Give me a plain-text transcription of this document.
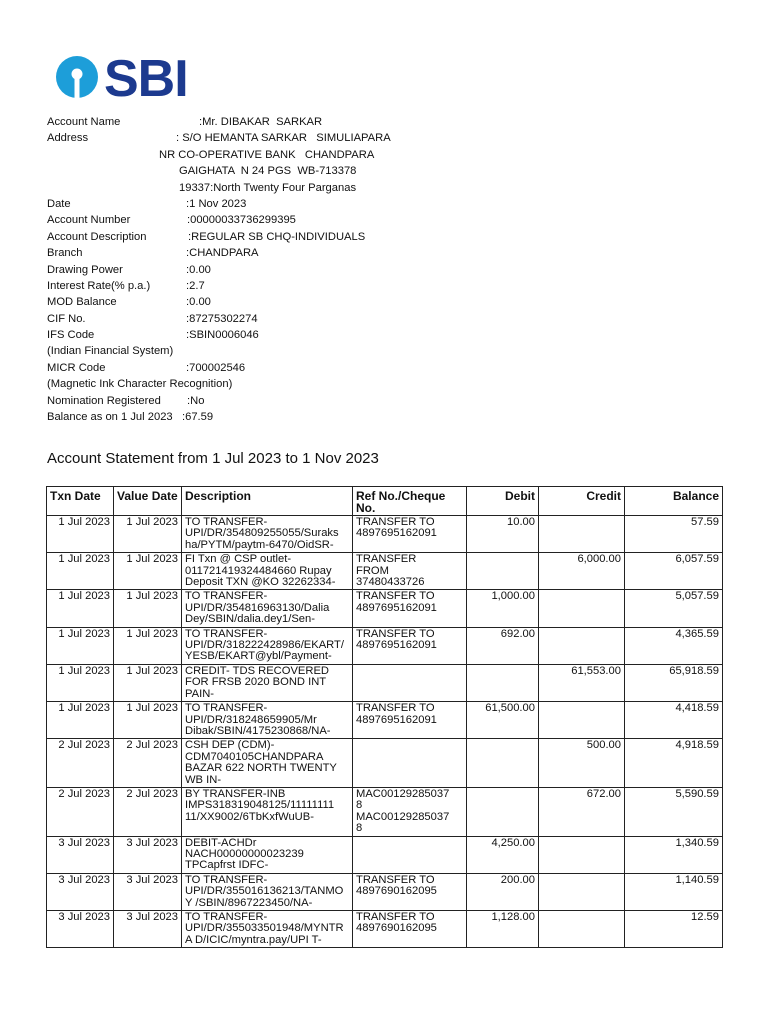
SBI
Account Name	:Mr. DIBAKAR  SARKAR
Address	: S/O HEMANTA SARKAR   SIMULIAPARA
NR CO-OPERATIVE BANK   CHANDPARA
GAIGHATA  N 24 PGS  WB-713378
19337:North Twenty Four Parganas
Date	:1 Nov 2023
Account Number	:00000033736299395
Account Description	:REGULAR SB CHQ-INDIVIDUALS
Branch	:CHANDPARA
Drawing Power	:0.00
Interest Rate(% p.a.)	:2.7
MOD Balance	:0.00
CIF No.	:87275302274
IFS Code	:SBIN0006046
(Indian Financial System)
MICR Code	:700002546
(Magnetic Ink Character Recognition)
Nomination Registered :No
Balance as on 1 Jul 2023 :67.59
Account Statement from 1 Jul 2023 to 1 Nov 2023
Txn Date	Value Date	Description	Ref No./Cheque No.	Debit	Credit	Balance
1 Jul 2023	1 Jul 2023	TO TRANSFER-
UPI/DR/354809255055/Suraks
ha/PYTM/paytm-6470/OidSR-	TRANSFER TO
4897695162091	10.00		57.59
1 Jul 2023	1 Jul 2023	FI Txn @ CSP outlet-
011721419324484660 Rupay
Deposit TXN @KO 32262334-	TRANSFER
FROM
37480433726		6,000.00	6,057.59
1 Jul 2023	1 Jul 2023	TO TRANSFER-
UPI/DR/354816963130/Dalia
Dey/SBIN/dalia.dey1/Sen-	TRANSFER TO
4897695162091	1,000.00		5,057.59
1 Jul 2023	1 Jul 2023	TO TRANSFER-
UPI/DR/318222428986/EKART/
YESB/EKART@ybl/Payment-	TRANSFER TO
4897695162091	692.00		4,365.59
1 Jul 2023	1 Jul 2023	CREDIT- TDS RECOVERED
FOR FRSB 2020 BOND INT
PAIN-			61,553.00	65,918.59
1 Jul 2023	1 Jul 2023	TO TRANSFER-
UPI/DR/318248659905/Mr
Dibak/SBIN/4175230868/NA-	TRANSFER TO
4897695162091	61,500.00		4,418.59
2 Jul 2023	2 Jul 2023	CSH DEP (CDM)-
CDM7040105CHANDPARA
BAZAR 622 NORTH TWENTY
WB IN-			500.00	4,918.59
2 Jul 2023	2 Jul 2023	BY TRANSFER-INB
IMPS318319048125/11111111
11/XX9002/6TbKxfWuUB-	MAC00129285037
8
MAC00129285037
8		672.00	5,590.59
3 Jul 2023	3 Jul 2023	DEBIT-ACHDr
NACH00000000023239
TPCapfrst IDFC-		4,250.00		1,340.59
3 Jul 2023	3 Jul 2023	TO TRANSFER-
UPI/DR/355016136213/TANMO
Y /SBIN/8967223450/NA-	TRANSFER TO
4897690162095	200.00		1,140.59
3 Jul 2023	3 Jul 2023	TO TRANSFER-
UPI/DR/355033501948/MYNTR
A D/ICIC/myntra.pay/UPI T-	TRANSFER TO
4897690162095	1,128.00		12.59
